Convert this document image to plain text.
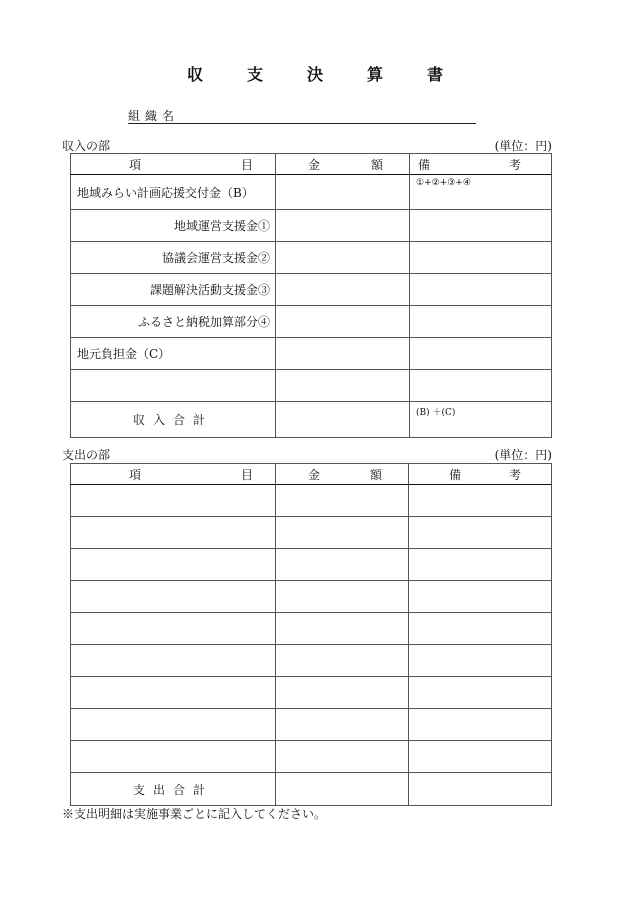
収	支	決	算	書
組織名
収入の部	(単位：円)
項 目	金 額	備 考

地域みらい計画応援交付金（B）		①+②+③+④
地域運営支援金①		
協議会運営支援金②		
課題解決活動支援金③		
ふるさと納税加算部分④		
地元負担金（C）		

収入合計		(B) ＋(C)
支出の部	(単位：円)
項 目	金 額	備 考

支出合計		
※支出明細は実施事業ごとに記入してください。
